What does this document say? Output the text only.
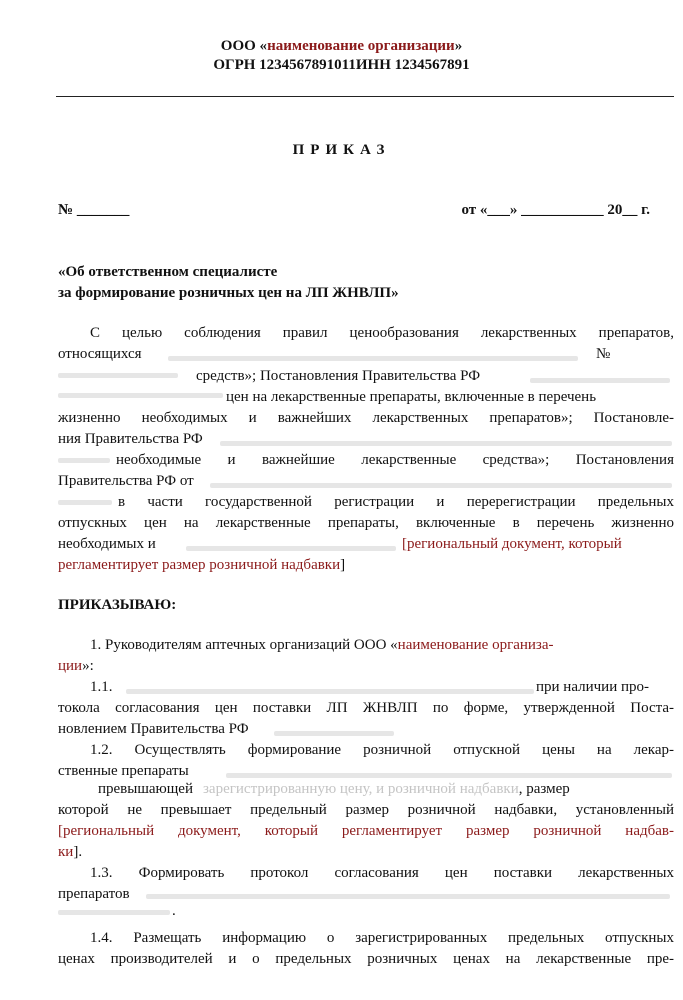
ООО «наименование организации»
ОГРН 1234567891011ИНН 1234567891
ПРИКАЗ
№ _______	от «___» ___________ 20__ г.
«Об ответственном специалисте
за формирование розничных цен на ЛП ЖНВЛП»
С целью соблюдения правил ценообразования лекарственных препаратов,
относящихся	№
средств»; Постановления Правительства РФ
цен на лекарственные препараты, включенные в перечень
жизненно необходимых и важнейших лекарственных препаратов»; Постановле-
ния Правительства РФ
необходимые и важнейшие лекарственные средства»; Постановления
Правительства РФ от
в части государственной регистрации и перерегистрации предельных
отпускных цен на лекарственные препараты, включенные в перечень жизненно
необходимых и	[региональный документ, который
регламентирует размер розничной надбавки]
ПРИКАЗЫВАЮ:
1. Руководителям аптечных организаций ООО «наименование организа-
ции»:
1.1.	при наличии про-
токола согласования цен поставки ЛП ЖНВЛП по форме, утвержденной Поста-
новлением Правительства РФ
1.2. Осуществлять формирование розничной отпускной цены на лекар-
ственные препараты
превышающей зарегистрированную цену, и розничной надбавки, размер
которой не превышает предельный размер розничной надбавки, установленный
[региональный документ, который регламентирует размер розничной надбав-
ки].
1.3. Формировать протокол согласования цен поставки лекарственных
препаратов
.
1.4. Размещать информацию о зарегистрированных предельных отпускных
ценах производителей и о предельных розничных ценах на лекарственные пре-
